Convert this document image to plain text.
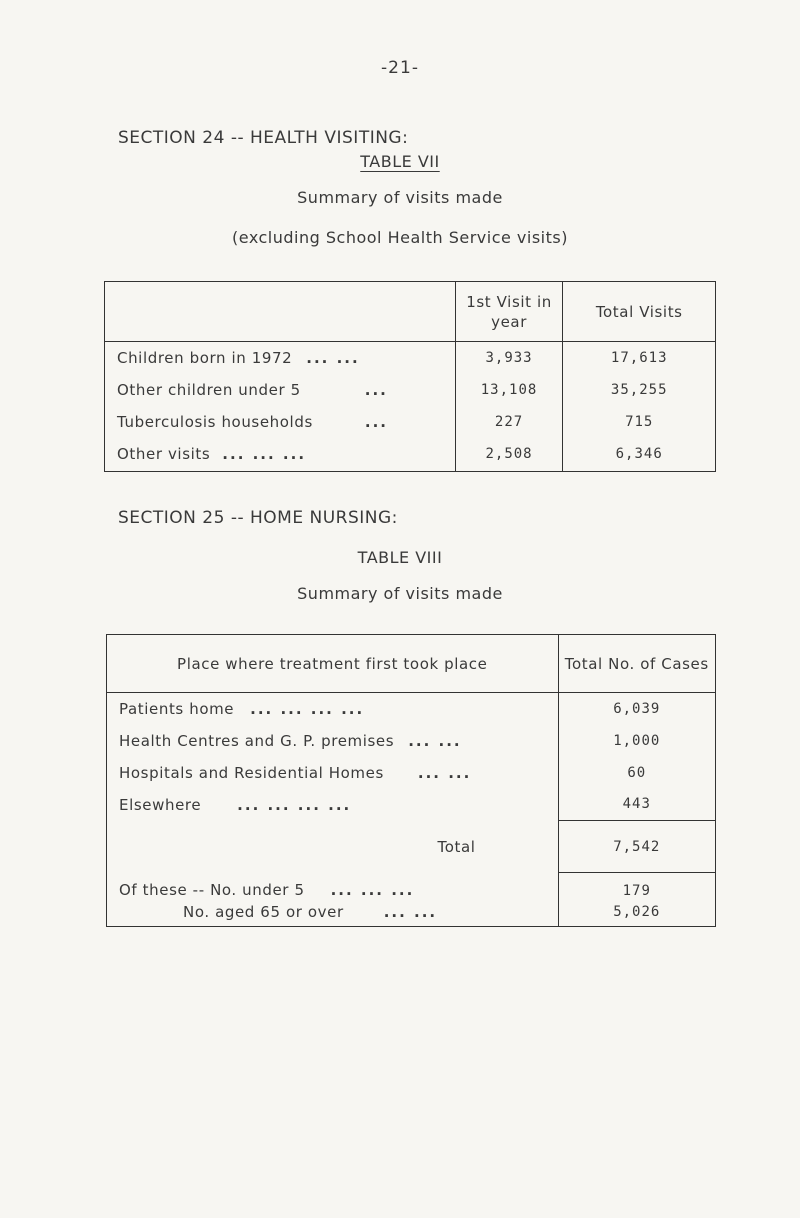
-21-
SECTION 24 -- HEALTH VISITING:
TABLE VII
Summary of visits made
(excluding School Health Service visits)
	1st Visit in year	Total Visits
Children born in 1972 ... ...	3,933	17,613
Other children under 5 ...	13,108	35,255
Tuberculosis households ...	227	715
Other visits ... ... ...	2,508	6,346
SECTION 25 -- HOME NURSING:
TABLE VIII
Summary of visits made
Place where treatment first took place	Total No. of Cases
Patients home ... ... ... ...	6,039
Health Centres and G. P. premises ... ...	1,000
Hospitals and Residential Homes ... ...	60
Elsewhere ... ... ... ...	443
Total	7,542
Of these -- No. under 5 ... ... ...	179
No. aged 65 or over ... ...	5,026
